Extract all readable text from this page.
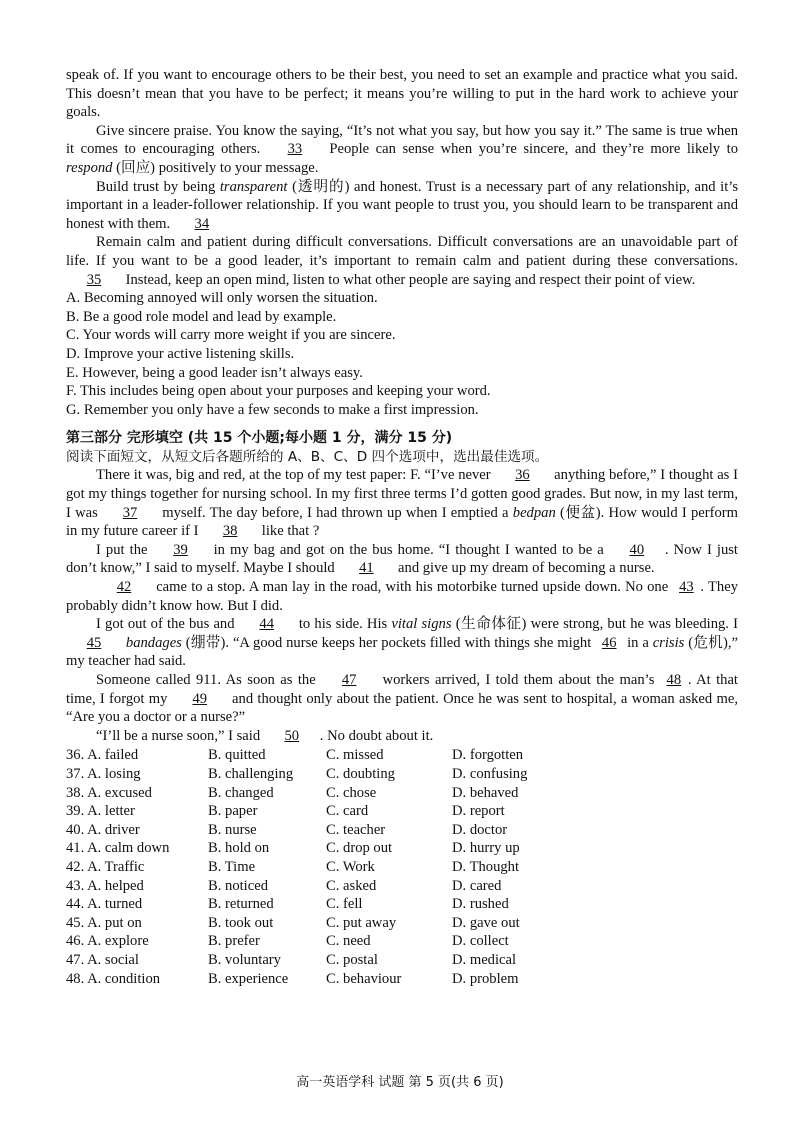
speak of. If you want to encourage others to be their best, you need to set an example and practice what you said. This doesn’t mean that you have to be perfect; it means you’re willing to put in the hard work to achieve your goals.

Give sincere praise. You know the saying, “It’s not what you say, but how you say it.” The same is true when it comes to encouraging others. 33 People can sense when you’re sincere, and they’re more likely to respond (回应) positively to your message.

Build trust by being transparent (透明的) and honest. Trust is a necessary part of any relationship, and it’s important in a leader-follower relationship. If you want people to trust you, you should learn to be transparent and honest with them. 34

Remain calm and patient during difficult conversations. Difficult conversations are an unavoidable part of life. If you want to be a good leader, it’s important to remain calm and patient during these conversations. 35 Instead, keep an open mind, listen to what other people are saying and respect their point of view.

A. Becoming annoyed will only worsen the situation.
B. Be a good role model and lead by example.
C. Your words will carry more weight if you are sincere.
D. Improve your active listening skills.
E. However, being a good leader isn’t always easy.
F. This includes being open about your purposes and keeping your word.
G. Remember you only have a few seconds to make a first impression.
第三部分 完形填空 (共 15 个小题;每小题 1 分，满分 15 分)
阅读下面短文，从短文后各题所给的 A、B、C、D 四个选项中，选出最佳选项。

There it was, big and red, at the top of my test paper: F. “I’ve never 36 anything before,” I thought as I got my things together for nursing school. In my first three terms I’d gotten good grades. But now, in my last term, I was 37 myself. The day before, I had thrown up when I emptied a bedpan (便盆). How would I perform in my future career if I 38 like that ?

I put the 39 in my bag and got on the bus home. “I thought I wanted to be a 40 . Now I just don’t know,” I said to myself. Maybe I should 41 and give up my dream of becoming a nurse.

42 came to a stop. A man lay in the road, with his motorbike turned upside down. No one 43 . They probably didn’t know how. But I did.

I got out of the bus and 44 to his side. His vital signs (生命体征) were strong, but he was bleeding. I 45 bandages (绷带). “A good nurse keeps her pockets filled with things she might 46 in a crisis (危机),” my teacher had said.

Someone called 911. As soon as the 47 workers arrived, I told them about the man’s 48 . At that time, I forgot my 49 and thought only about the patient. Once he was sent to hospital, a woman asked me, “Are you a doctor or a nurse?”

“I’ll be a nurse soon,” I said 50 . No doubt about it.

36. A. failed	B. quitted	C. missed	D. forgotten
37. A. losing	B. challenging	C. doubting	D. confusing
38. A. excused	B. changed	C. chose	D. behaved
39. A. letter	B. paper	C. card	D. report
40. A. driver	B. nurse	C. teacher	D. doctor
41. A. calm down	B. hold on	C. drop out	D. hurry up
42. A. Traffic	B. Time	C. Work	D. Thought
43. A. helped	B. noticed	C. asked	D. cared
44. A. turned	B. returned	C. fell	D. rushed
45. A. put on	B. took out	C. put away	D. gave out
46. A. explore	B. prefer	C. need	D. collect
47. A. social	B. voluntary	C. postal	D. medical
48. A. condition	B. experience	C. behaviour	D. problem
高一英语学科 试题 第 5 页(共 6 页)
